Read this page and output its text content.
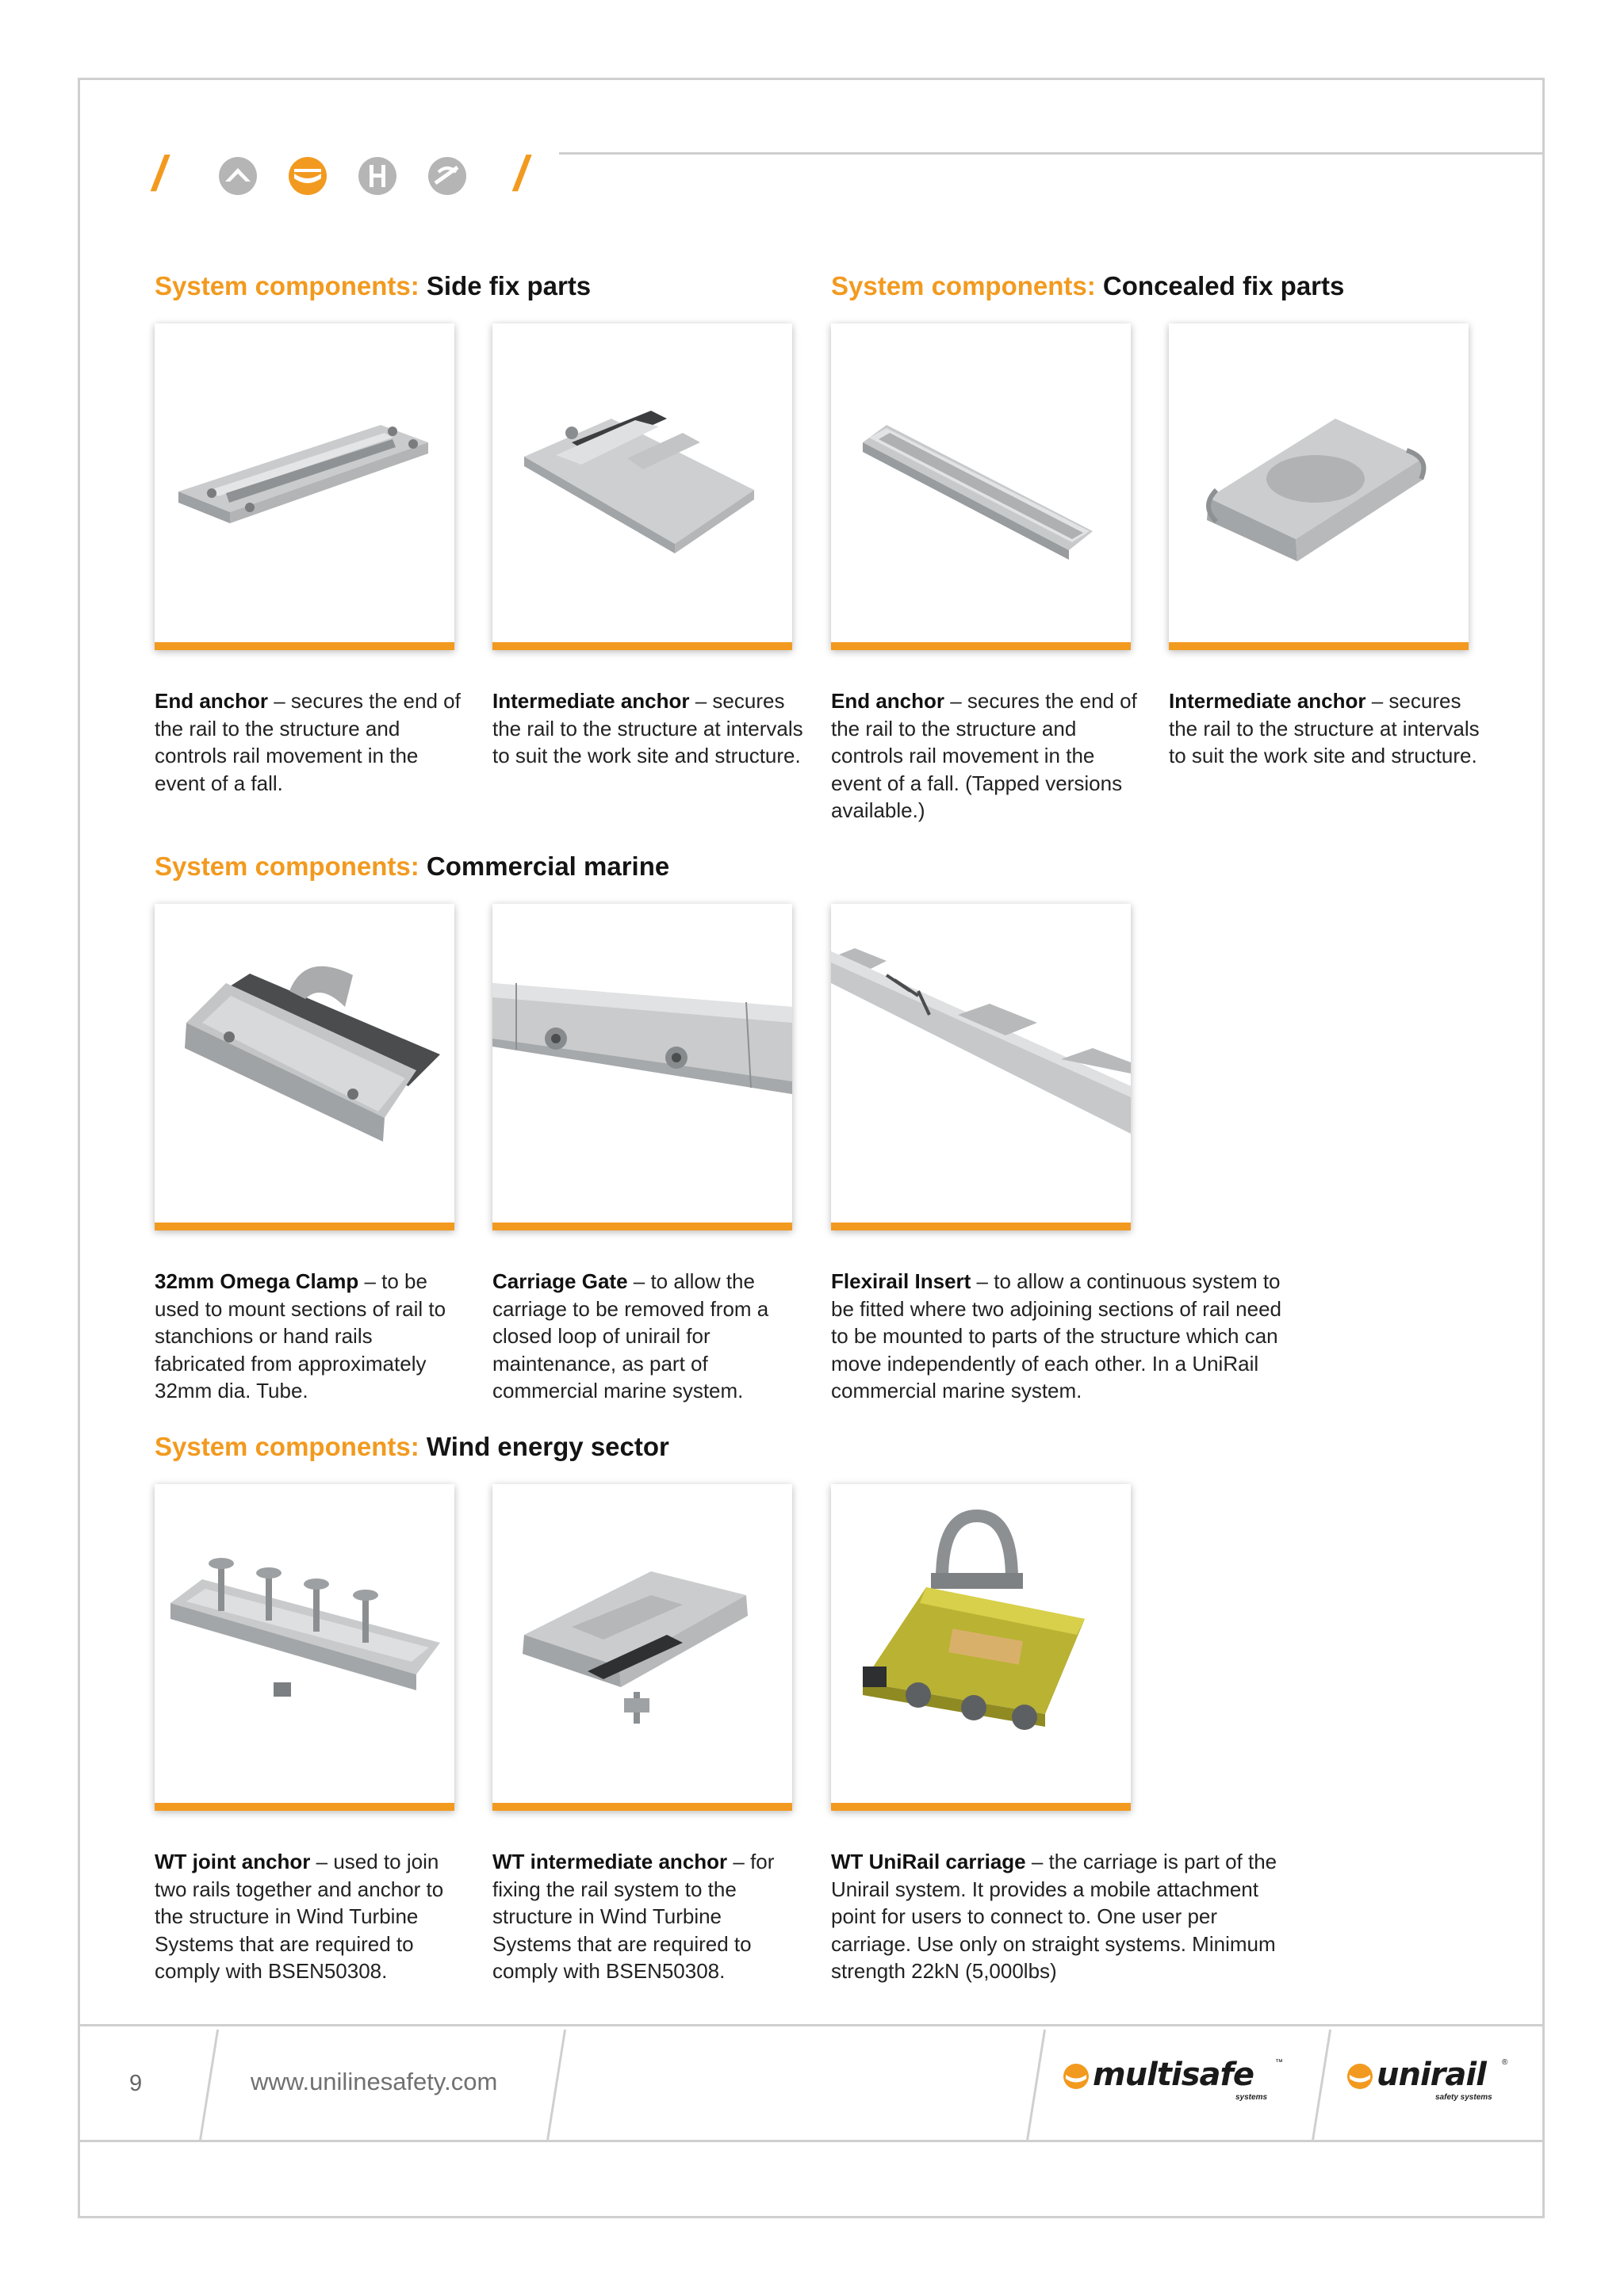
/	/
System components: Side fix parts	System components: Concealed fix parts
System components: Commercial marine
System components: Wind energy sector

End anchor – secures the end of the rail to the structure and controls rail movement in the event of a fall.

Intermediate anchor – secures the rail to the structure at intervals to suit the work site and structure.

End anchor – secures the end of the rail to the structure and controls rail movement in the event of a fall. (Tapped versions available.)

Intermediate anchor – secures the rail to the structure at intervals to suit the work site and structure.

32mm Omega Clamp – to be used to mount sections of rail to stanchions or hand rails fabricated from approximately 32mm dia. Tube.

Carriage Gate – to allow the carriage to be removed from a closed loop of unirail for maintenance, as part of commercial marine system.

Flexirail Insert – to allow a continuous system to be fitted where two adjoining sections of rail need to be mounted to parts of the structure which can move independently of each other. In a UniRail commercial marine system.

WT joint anchor – used to join two rails together and anchor to the structure in Wind Turbine Systems that are required to comply with BSEN50308.

WT intermediate anchor – for fixing the rail system to the structure in Wind Turbine Systems that are required to comply with BSEN50308.

WT UniRail carriage – the carriage is part of the Unirail system. It provides a mobile attachment point for users to connect to. One user per carriage. Use only on straight systems. Minimum strength 22kN (5,000lbs)

9	www.unilinesafety.com	multisafe	™
systems
unirail ®
safety systems
